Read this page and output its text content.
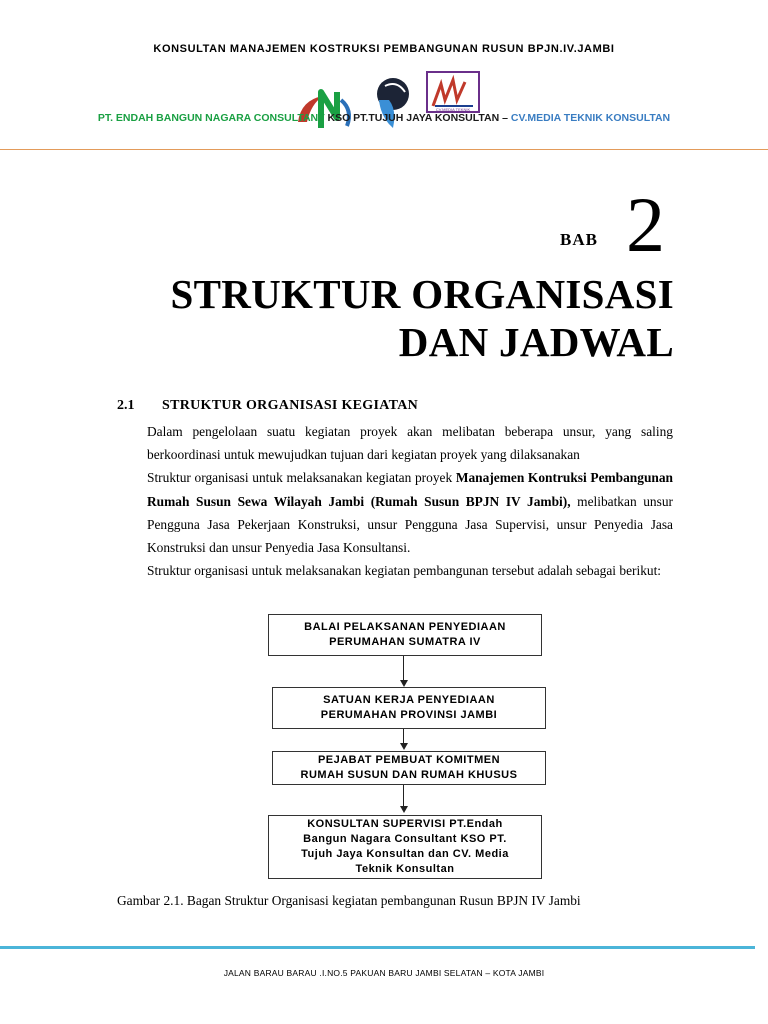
KONSULTAN MANAJEMEN KOSTRUKSI PEMBANGUNAN RUSUN BPJN.IV.JAMBI
CV.MEDIA TEKNIK
PT. ENDAH BANGUN NAGARA CONSULTANT KSO PT.TUJUH JAYA KONSULTAN – CV.MEDIA TEKNIK KONSULTAN
BAB 2
STRUKTUR ORGANISASI
DAN JADWAL
2.1 STRUKTUR ORGANISASI KEGIATAN

Dalam pengelolaan suatu kegiatan proyek akan melibatan beberapa unsur, yang saling berkoordinasi untuk mewujudkan tujuan dari kegiatan proyek yang dilaksanakan

Struktur organisasi untuk melaksanakan kegiatan proyek Manajemen Kontruksi Pembangunan Rumah Susun Sewa Wilayah Jambi (Rumah Susun BPJN IV Jambi), melibatkan unsur Pengguna Jasa Pekerjaan Konstruksi, unsur Pengguna Jasa Supervisi, unsur Penyedia Jasa Konstruksi dan unsur Penyedia Jasa Konsultansi.

Struktur organisasi untuk melaksanakan kegiatan pembangunan tersebut adalah sebagai berikut:

BALAI PELAKSANAN PENYEDIAAN
PERUMAHAN SUMATRA IV
SATUAN KERJA PENYEDIAAN
PERUMAHAN PROVINSI JAMBI
PEJABAT PEMBUAT KOMITMEN
RUMAH SUSUN DAN RUMAH KHUSUS
KONSULTAN SUPERVISI PT.Endah
Bangun Nagara Consultant KSO PT.
Tujuh Jaya Konsultan dan CV. Media
Teknik Konsultan
Gambar 2.1. Bagan Struktur Organisasi kegiatan pembangunan Rusun BPJN IV Jambi
JALAN BARAU BARAU .I.NO.5 PAKUAN BARU JAMBI SELATAN – KOTA JAMBI
